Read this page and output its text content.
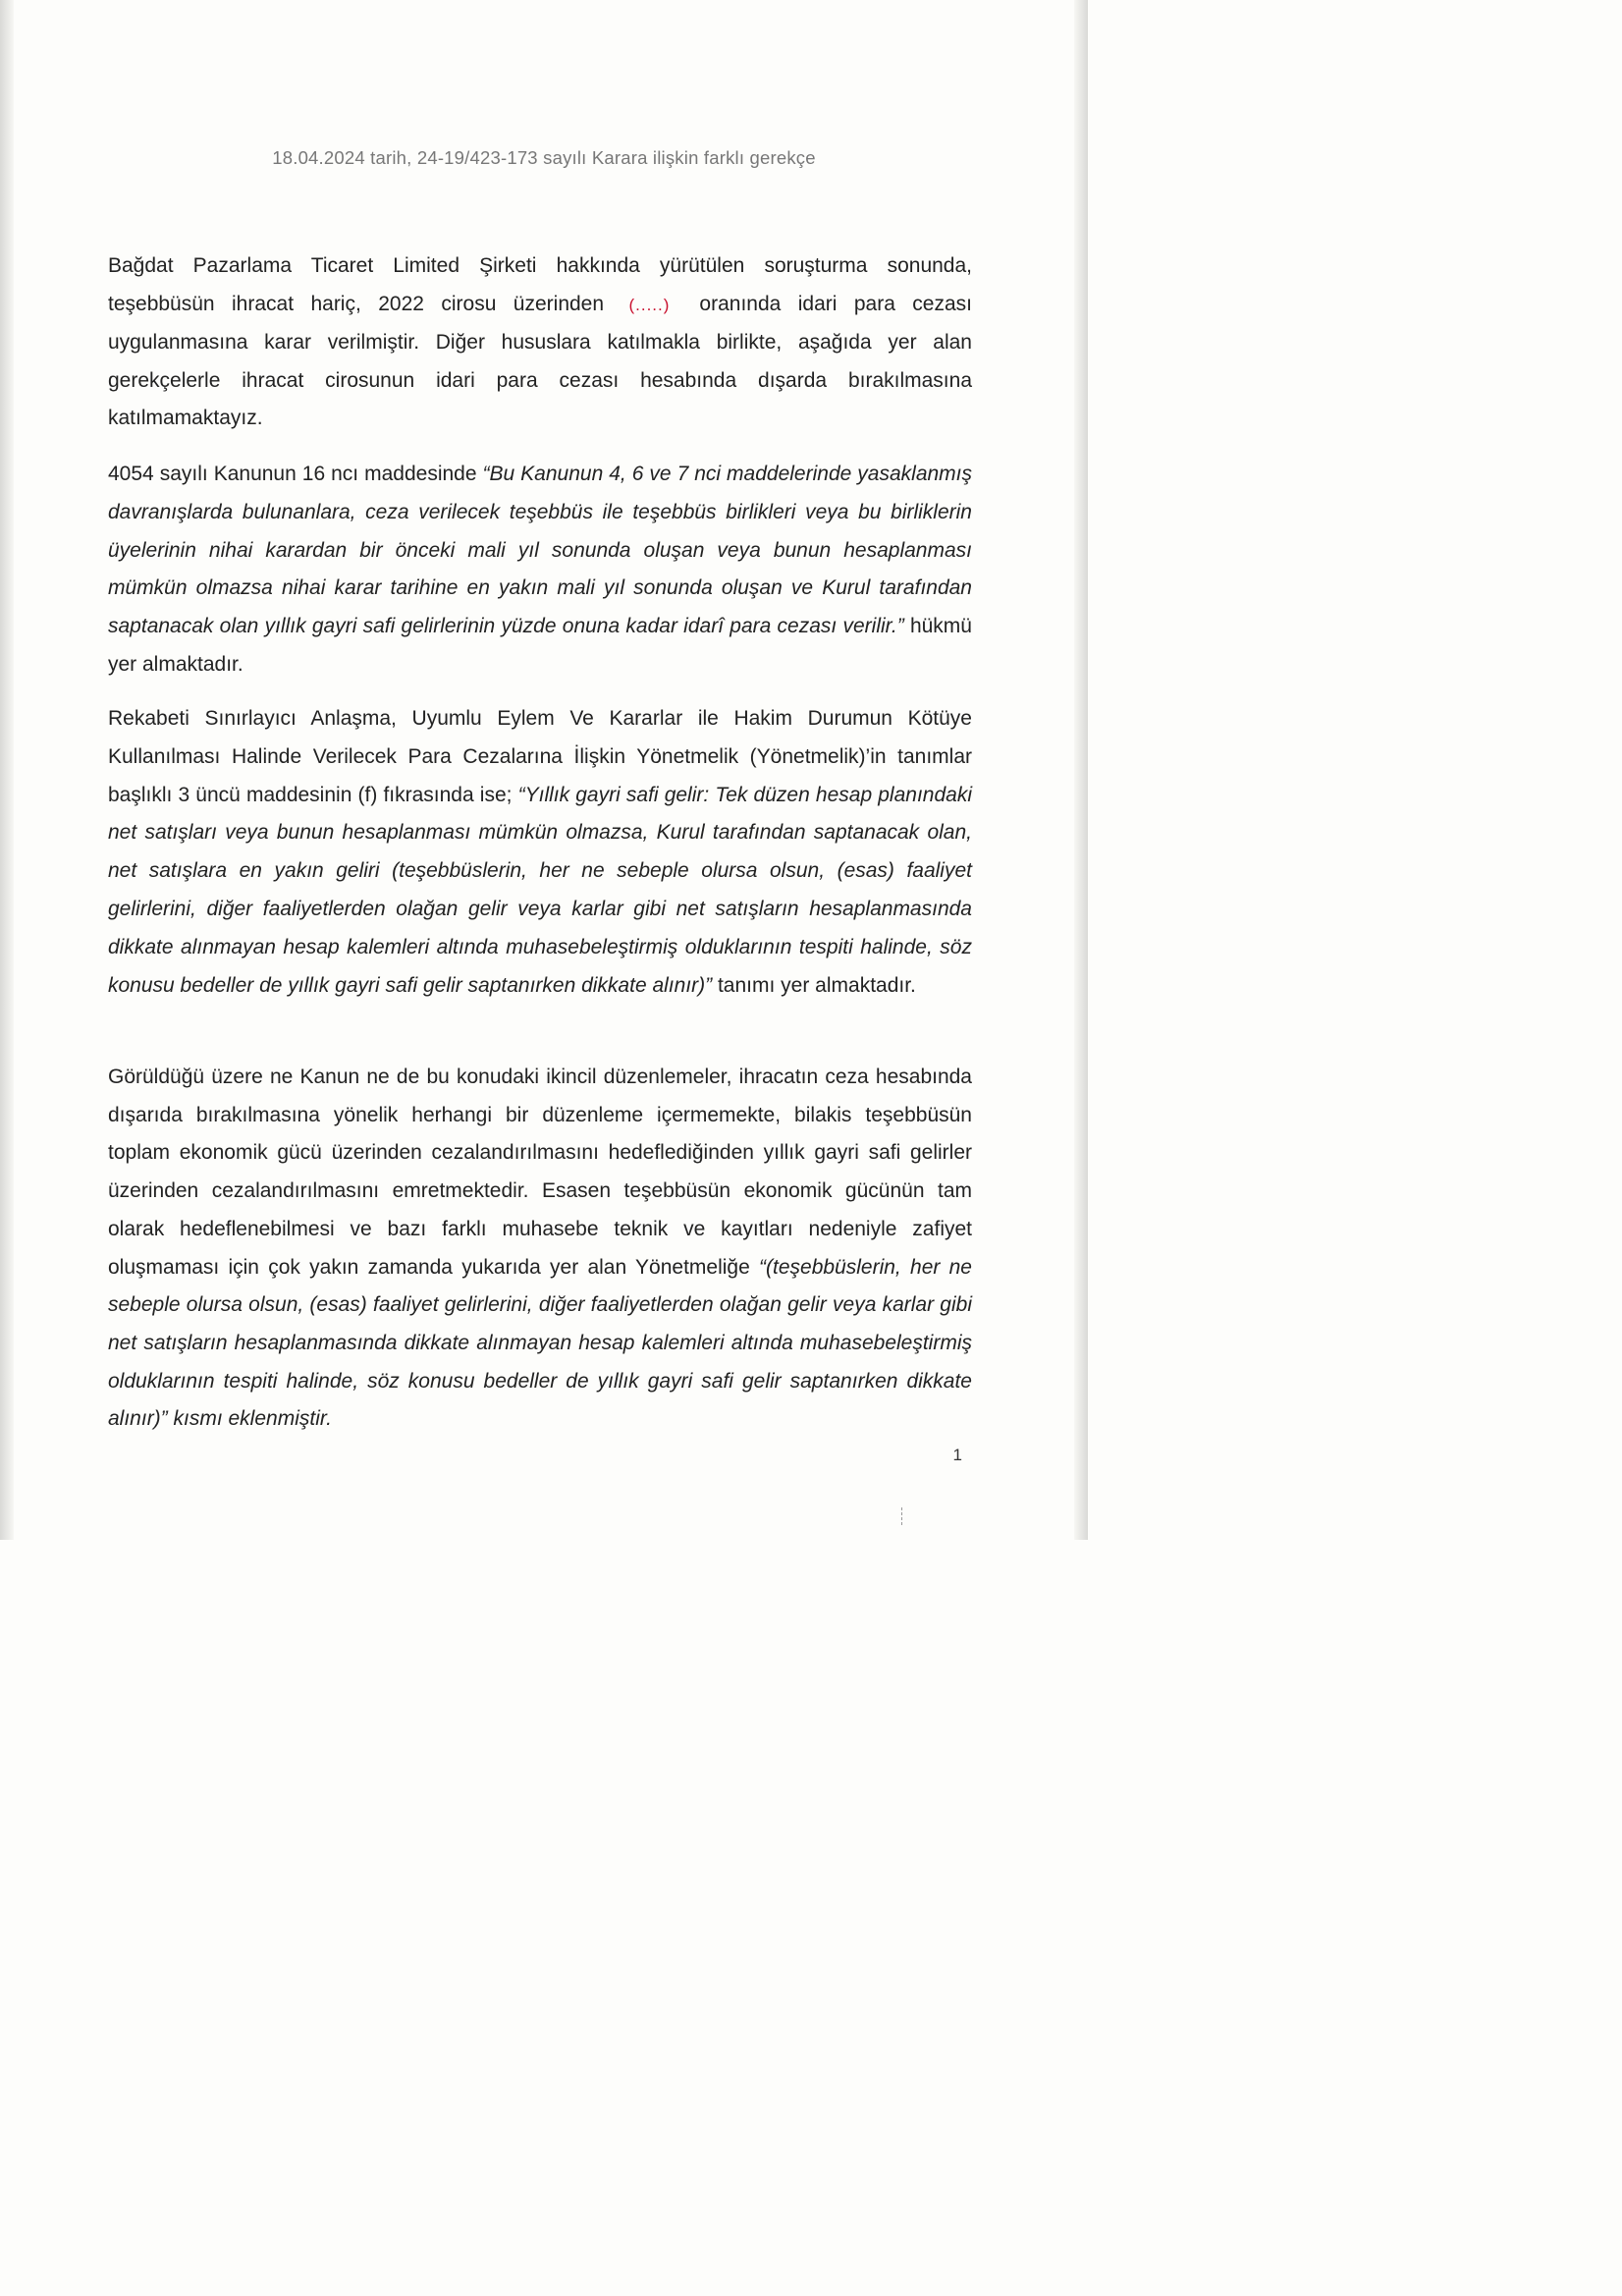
18.04.2024 tarih, 24-19/423-173 sayılı Karara ilişkin farklı gerekçe

Bağdat Pazarlama Ticaret Limited Şirketi hakkında yürütülen soruşturma sonunda, teşebbüsün ihracat hariç, 2022 cirosu üzerinden (.....) oranında idari para cezası uygulanmasına karar verilmiştir. Diğer hususlara katılmakla birlikte, aşağıda yer alan gerekçelerle ihracat cirosunun idari para cezası hesabında dışarda bırakılmasına katılmamaktayız.

4054 sayılı Kanunun 16 ncı maddesinde “Bu Kanunun 4, 6 ve 7 nci maddelerinde yasaklanmış davranışlarda bulunanlara, ceza verilecek teşebbüs ile teşebbüs birlikleri veya bu birliklerin üyelerinin nihai karardan bir önceki mali yıl sonunda oluşan veya bunun hesaplanması mümkün olmazsa nihai karar tarihine en yakın mali yıl sonunda oluşan ve Kurul tarafından saptanacak olan yıllık gayri safi gelirlerinin yüzde onuna kadar idarî para cezası verilir.” hükmü yer almaktadır.

Rekabeti Sınırlayıcı Anlaşma, Uyumlu Eylem Ve Kararlar ile Hakim Durumun Kötüye Kullanılması Halinde Verilecek Para Cezalarına İlişkin Yönetmelik (Yönetmelik)’in tanımlar başlıklı 3 üncü maddesinin (f) fıkrasında ise; “Yıllık gayri safi gelir: Tek düzen hesap planındaki net satışları veya bunun hesaplanması mümkün olmazsa, Kurul tarafından saptanacak olan, net satışlara en yakın geliri (teşebbüslerin, her ne sebeple olursa olsun, (esas) faaliyet gelirlerini, diğer faaliyetlerden olağan gelir veya karlar gibi net satışların hesaplanmasında dikkate alınmayan hesap kalemleri altında muhasebeleştirmiş olduklarının tespiti halinde, söz konusu bedeller de yıllık gayri safi gelir saptanırken dikkate alınır)” tanımı yer almaktadır.

Görüldüğü üzere ne Kanun ne de bu konudaki ikincil düzenlemeler, ihracatın ceza hesabında dışarıda bırakılmasına yönelik herhangi bir düzenleme içermemekte, bilakis teşebbüsün toplam ekonomik gücü üzerinden cezalandırılmasını hedeflediğinden yıllık gayri safi gelirler üzerinden cezalandırılmasını emretmektedir. Esasen teşebbüsün ekonomik gücünün tam olarak hedeflenebilmesi ve bazı farklı muhasebe teknik ve kayıtları nedeniyle zafiyet oluşmaması için çok yakın zamanda yukarıda yer alan Yönetmeliğe “(teşebbüslerin, her ne sebeple olursa olsun, (esas) faaliyet gelirlerini, diğer faaliyetlerden olağan gelir veya karlar gibi net satışların hesaplanmasında dikkate alınmayan hesap kalemleri altında muhasebeleştirmiş olduklarının tespiti halinde, söz konusu bedeller de yıllık gayri safi gelir saptanırken dikkate alınır)” kısmı eklenmiştir.

1
